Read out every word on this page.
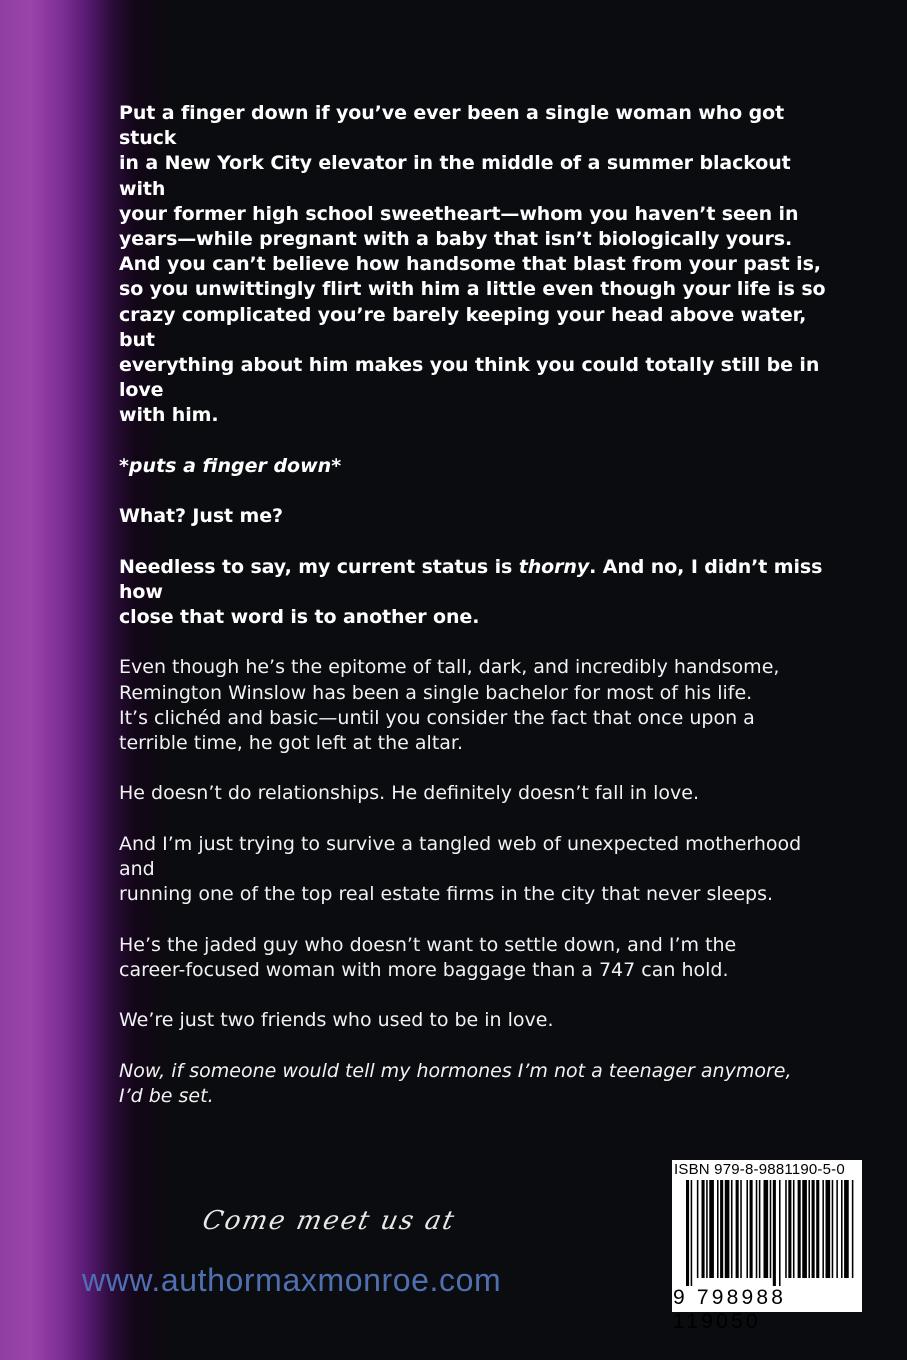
Put a finger down if you’ve ever been a single woman who got stuck
in a New York City elevator in the middle of a summer blackout with
your former high school sweetheart—whom you haven’t seen in
years—while pregnant with a baby that isn’t biologically yours.
And you can’t believe how handsome that blast from your past is,
so you unwittingly flirt with him a little even though your life is so
crazy complicated you’re barely keeping your head above water, but
everything about him makes you think you could totally still be in love
with him.

*puts a finger down*

What? Just me?

Needless to say, my current status is thorny. And no, I didn’t miss how
close that word is to another one.

Even though he’s the epitome of tall, dark, and incredibly handsome,
Remington Winslow has been a single bachelor for most of his life.
It’s clichéd and basic—until you consider the fact that once upon a
terrible time, he got left at the altar.

He doesn’t do relationships. He definitely doesn’t fall in love.

And I’m just trying to survive a tangled web of unexpected motherhood and
running one of the top real estate firms in the city that never sleeps.

He’s the jaded guy who doesn’t want to settle down, and I’m the
career-focused woman with more baggage than a 747 can hold.

We’re just two friends who used to be in love.

Now, if someone would tell my hormones I’m not a teenager anymore,
I’d be set.

Come meet us at
www.authormaxmonroe.com
ISBN 979-8-9881190-5-0
9 798988 119050
